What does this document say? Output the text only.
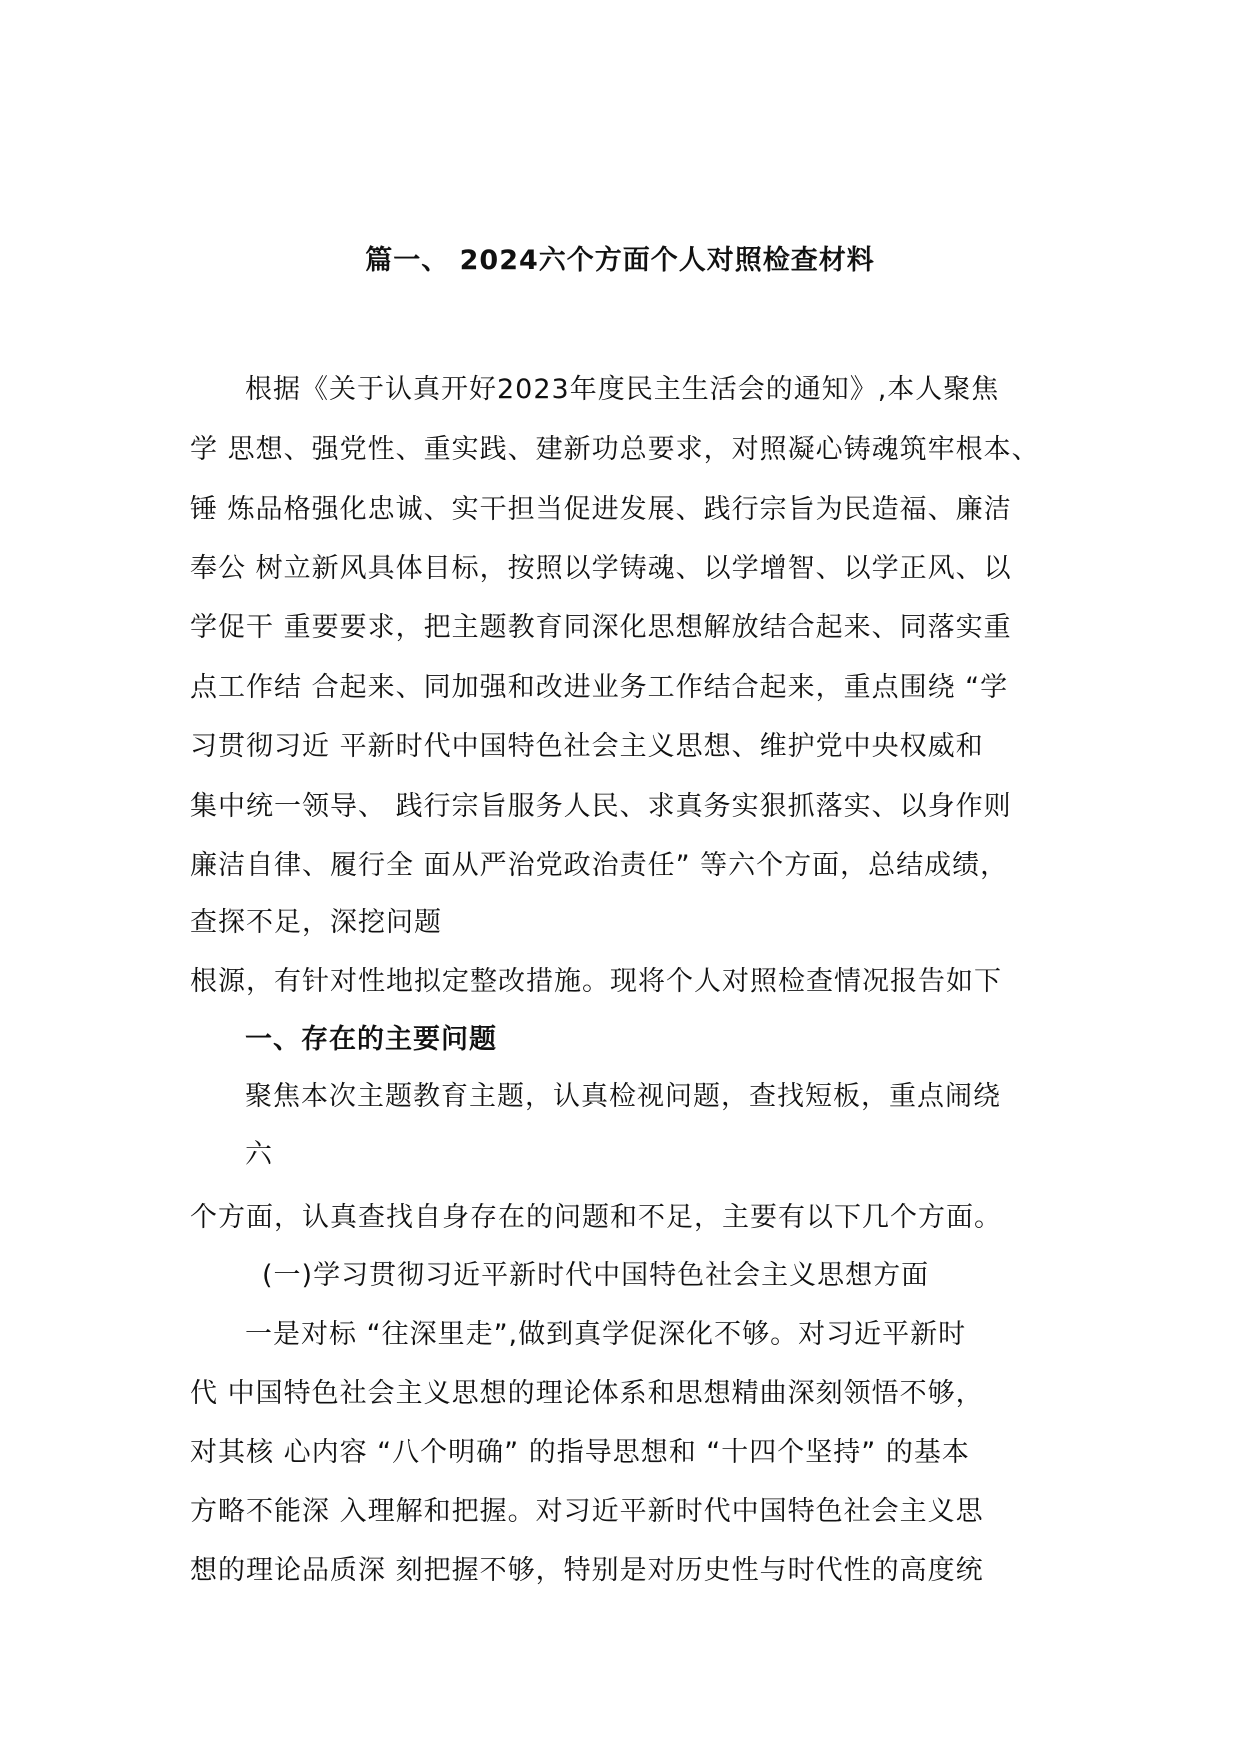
篇一、 2024六个方面个人对照检查材料
根据《关于认真开好2023年度民主生活会的通知》,本人聚焦
学 思想、强党性、重实践、建新功总要求，对照凝心铸魂筑牢根本、
锤 炼品格强化忠诚、实干担当促进发展、践行宗旨为民造福、廉洁
奉公 树立新风具体目标，按照以学铸魂、以学增智、以学正风、以
学促干 重要要求，把主题教育同深化思想解放结合起来、同落实重
点工作结 合起来、同加强和改进业务工作结合起来，重点围绕 “学
习贯彻习近 平新时代中国特色社会主义思想、维护党中央权威和
集中统一领导、 践行宗旨服务人民、求真务实狠抓落实、以身作则
廉洁自律、履行全 面从严治党政治责任” 等六个方面，总结成绩，
查探不足，深挖问题
根源，有针对性地拟定整改措施。现将个人对照检查情况报告如下
一、存在的主要问题
聚焦本次主题教育主题，认真检视问题，查找短板，重点闹绕
六
个方面，认真查找自身存在的问题和不足，主要有以下几个方面。
(一)学习贯彻习近平新时代中国特色社会主义思想方面
一是对标 “往深里走”,做到真学促深化不够。对习近平新时
代 中国特色社会主义思想的理论体系和思想精曲深刻领悟不够，
对其核 心内容 “八个明确” 的指导思想和 “十四个坚持” 的基本
方略不能深 入理解和把握。对习近平新时代中国特色社会主义思
想的理论品质深 刻把握不够，特别是对历史性与时代性的高度统
